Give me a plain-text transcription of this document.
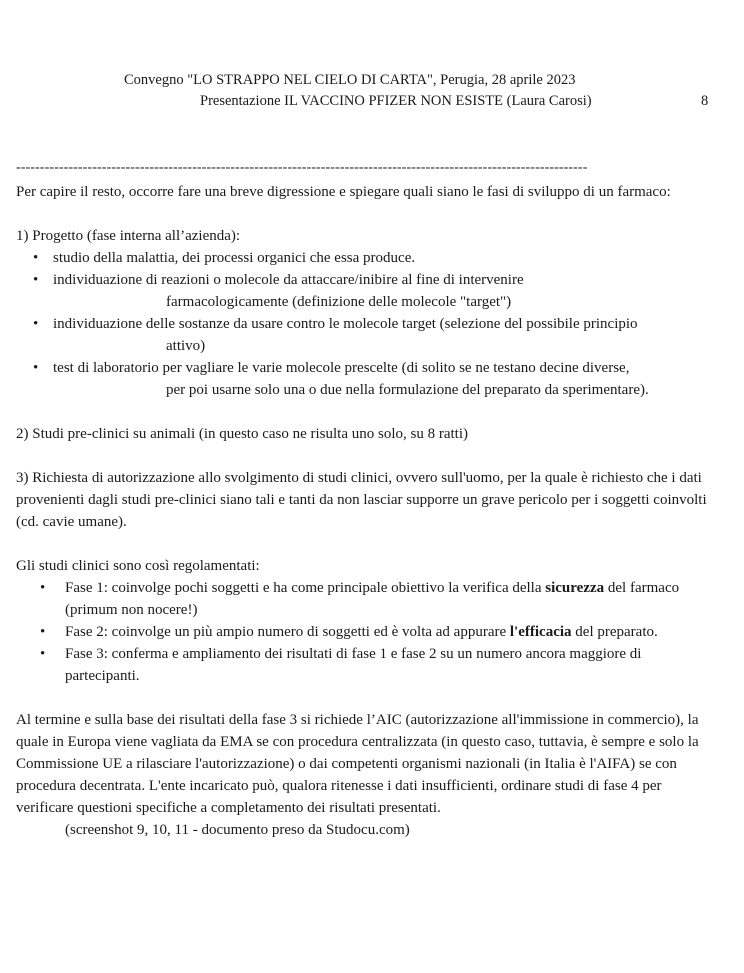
Convegno "LO STRAPPO NEL CIELO DI CARTA", Perugia, 28 aprile 2023
Presentazione IL VACCINO PFIZER NON ESISTE (Laura Carosi)	8
------------------------------------------------------------------------------------------------------------------------

Per capire il resto, occorre fare una breve digressione e spiegare quali siano le fasi di sviluppo di un farmaco:

1) Progetto (fase interna all’azienda):

• studio della malattia, dei processi organici che essa produce.
• individuazione di reazioni o molecole da attaccare/inibire al fine di intervenire
farmacologicamente (definizione delle molecole "target")
• individuazione delle sostanze da usare contro le molecole target (selezione del possibile principio
attivo)
• test di laboratorio per vagliare le varie molecole prescelte (di solito se ne testano decine diverse,
per poi usarne solo una o due nella formulazione del preparato da sperimentare).

2) Studi pre-clinici su animali (in questo caso ne risulta uno solo, su 8 ratti)

3) Richiesta di autorizzazione allo svolgimento di studi clinici, ovvero sull'uomo, per la quale è richiesto che i dati provenienti dagli studi pre-clinici siano tali e tanti da non lasciar supporre un grave pericolo per i soggetti coinvolti (cd. cavie umane).

Gli studi clinici sono così regolamentati:

• Fase 1: coinvolge pochi soggetti e ha come principale obiettivo la verifica della sicurezza del farmaco (primum non nocere!)
• Fase 2: coinvolge un più ampio numero di soggetti ed è volta ad appurare l'efficacia del preparato.
• Fase 3: conferma e ampliamento dei risultati di fase 1 e fase 2 su un numero ancora maggiore di partecipanti.

Al termine e sulla base dei risultati della fase 3 si richiede l’AIC (autorizzazione all'immissione in commercio), la quale in Europa viene vagliata da EMA se con procedura centralizzata (in questo caso, tuttavia, è sempre e solo la Commissione UE a rilasciare l'autorizzazione) o dai competenti organismi nazionali (in Italia è l'AIFA) se con procedura decentrata. L'ente incaricato può, qualora ritenesse i dati insufficienti, ordinare studi di fase 4 per verificare questioni specifiche a completamento dei risultati presentati.

(screenshot 9, 10, 11 - documento preso da Studocu.com)
